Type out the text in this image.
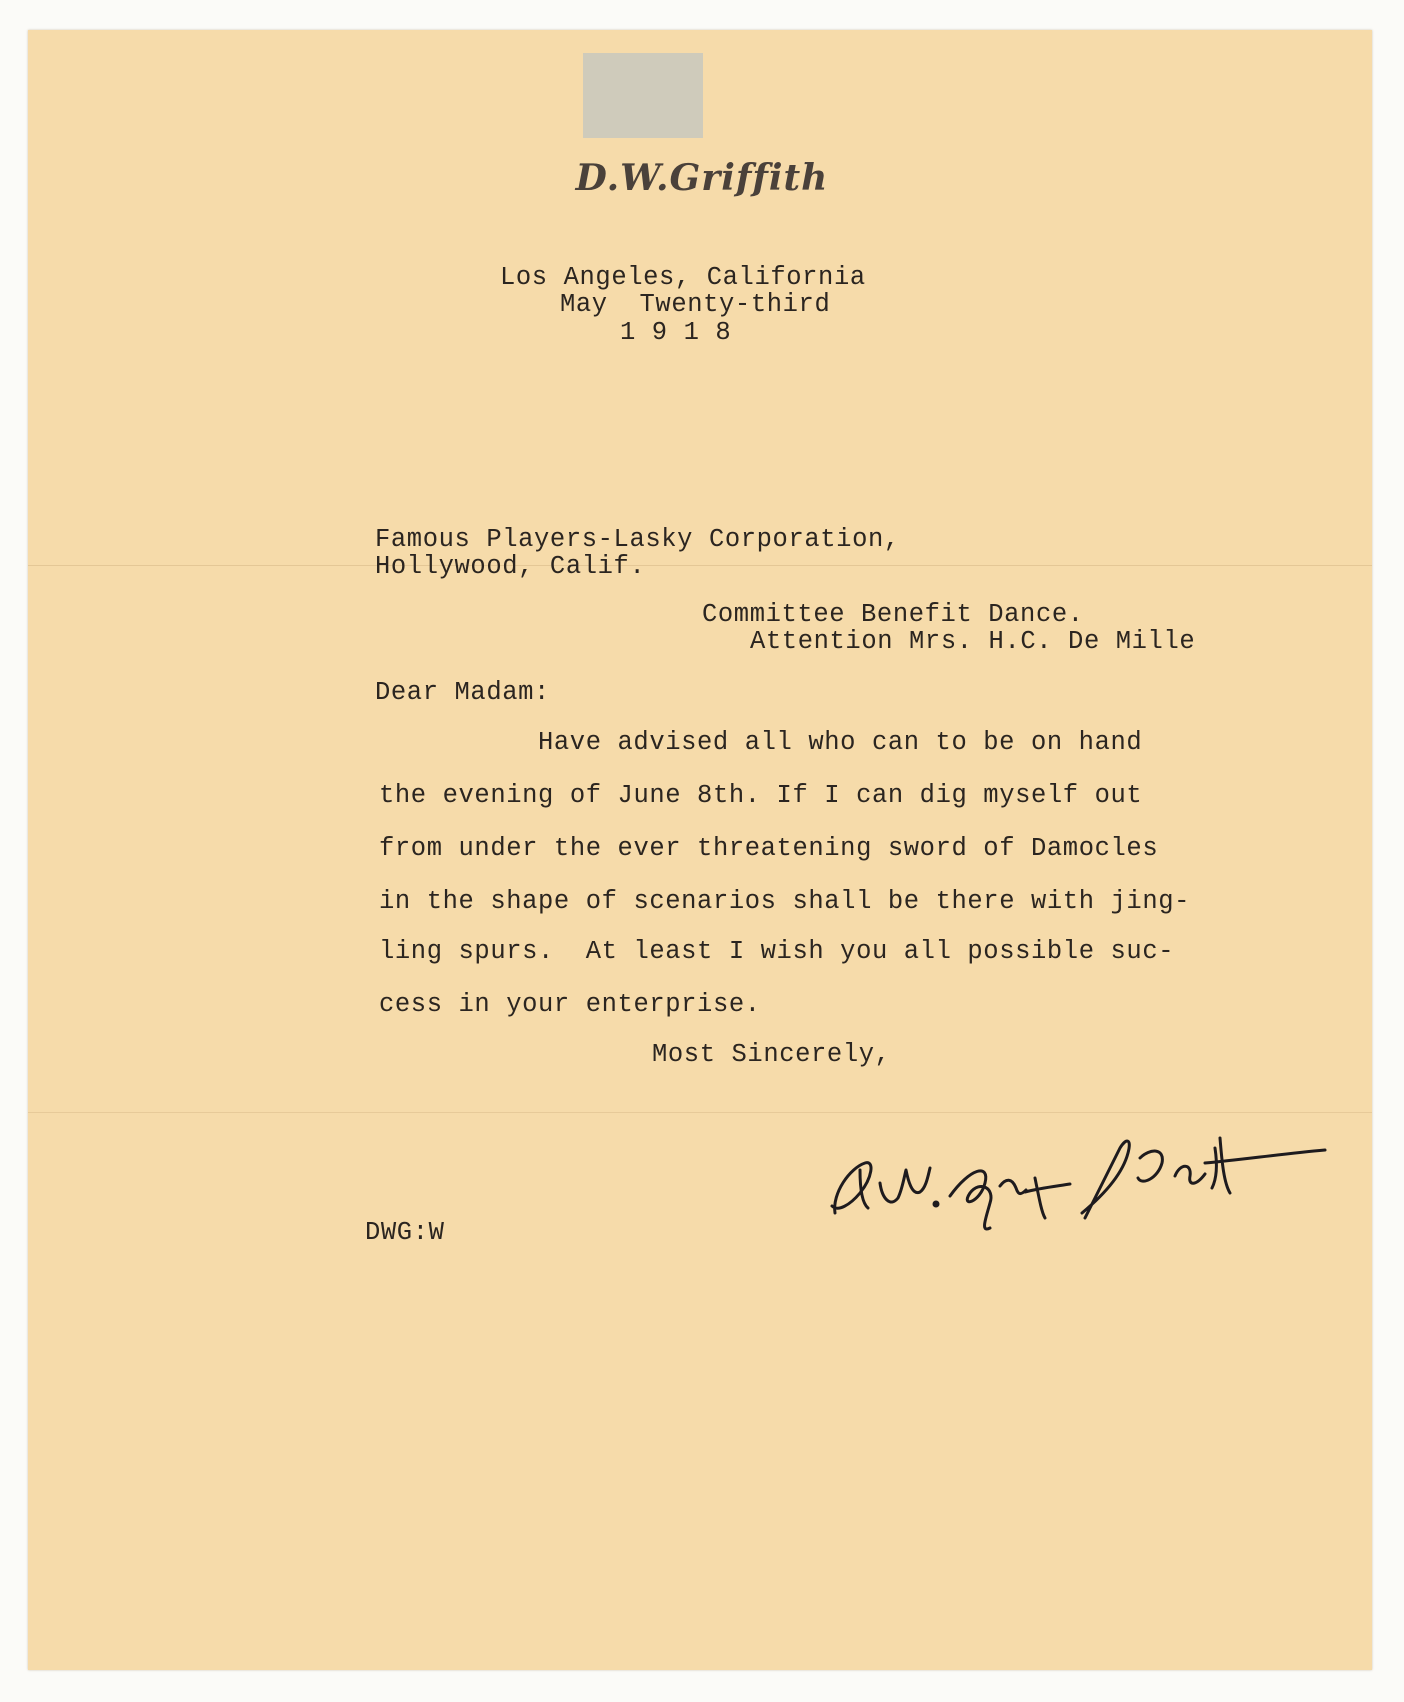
D.W.Griffith
Los Angeles, California
May  Twenty-third
1 9 1 8
Famous Players-Lasky Corporation,
Hollywood, Calif.
Committee Benefit Dance.
Attention Mrs. H.C. De Mille
Dear Madam:
Have advised all who can to be on hand
the evening of June 8th. If I can dig myself out
from under the ever threatening sword of Damocles
in the shape of scenarios shall be there with jing-
ling spurs.  At least I wish you all possible suc-
cess in your enterprise.
Most Sincerely,
DWG:W
